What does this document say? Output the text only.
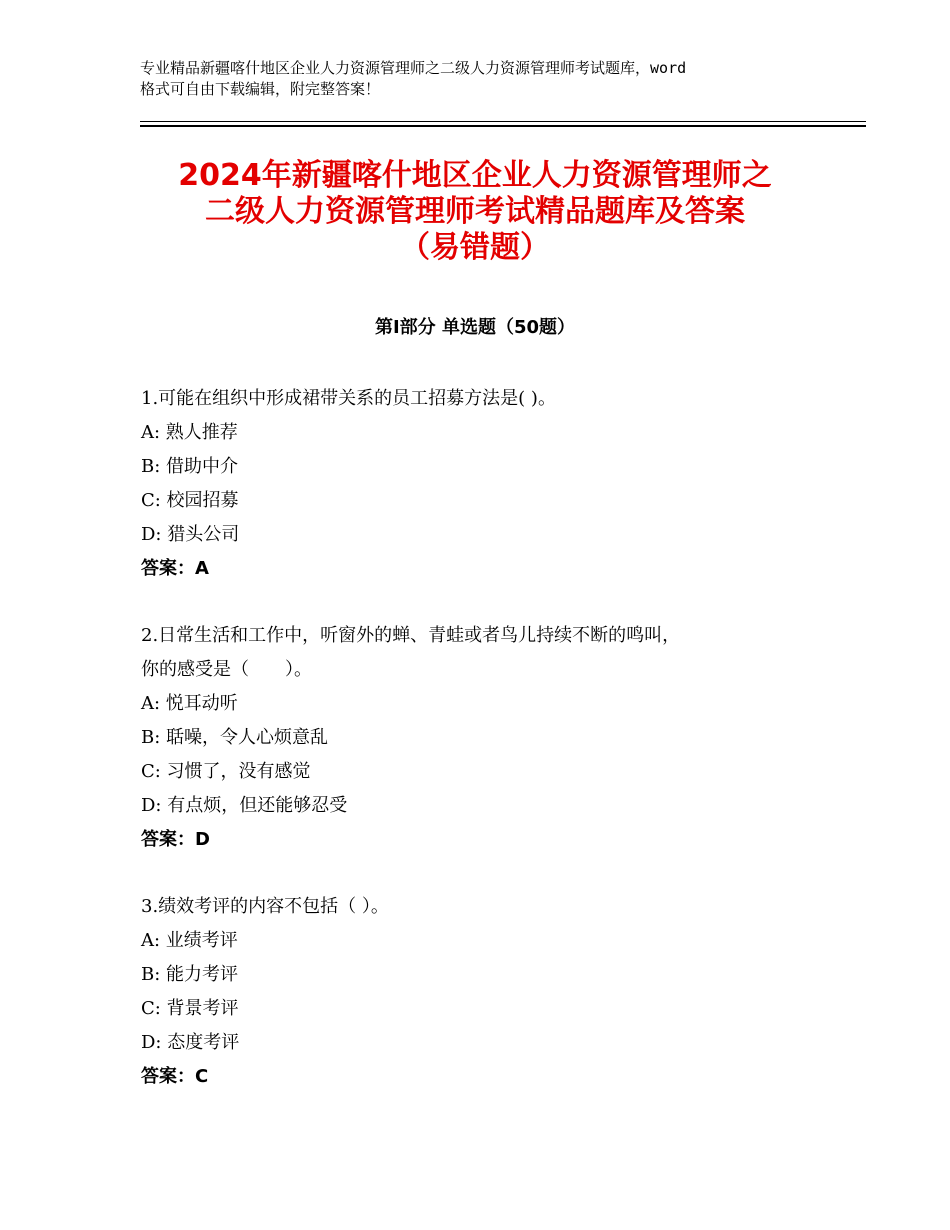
专业精品新疆喀什地区企业人力资源管理师之二级人力资源管理师考试题库，word
格式可自由下载编辑，附完整答案！
2024年新疆喀什地区企业人力资源管理师之
二级人力资源管理师考试精品题库及答案
（易错题）
第Ⅰ部分 单选题（50题）
1.可能在组织中形成裙带关系的员工招募方法是( )。
A: 熟人推荐
B: 借助中介
C: 校园招募
D: 猎头公司
答案：A
2.日常生活和工作中，听窗外的蝉、青蛙或者鸟儿持续不断的鸣叫，
你的感受是（　　）。
A: 悦耳动听
B: 聒噪，令人心烦意乱
C: 习惯了，没有感觉
D: 有点烦，但还能够忍受
答案：D
3.绩效考评的内容不包括（ ）。
A: 业绩考评
B: 能力考评
C: 背景考评
D: 态度考评
答案：C
